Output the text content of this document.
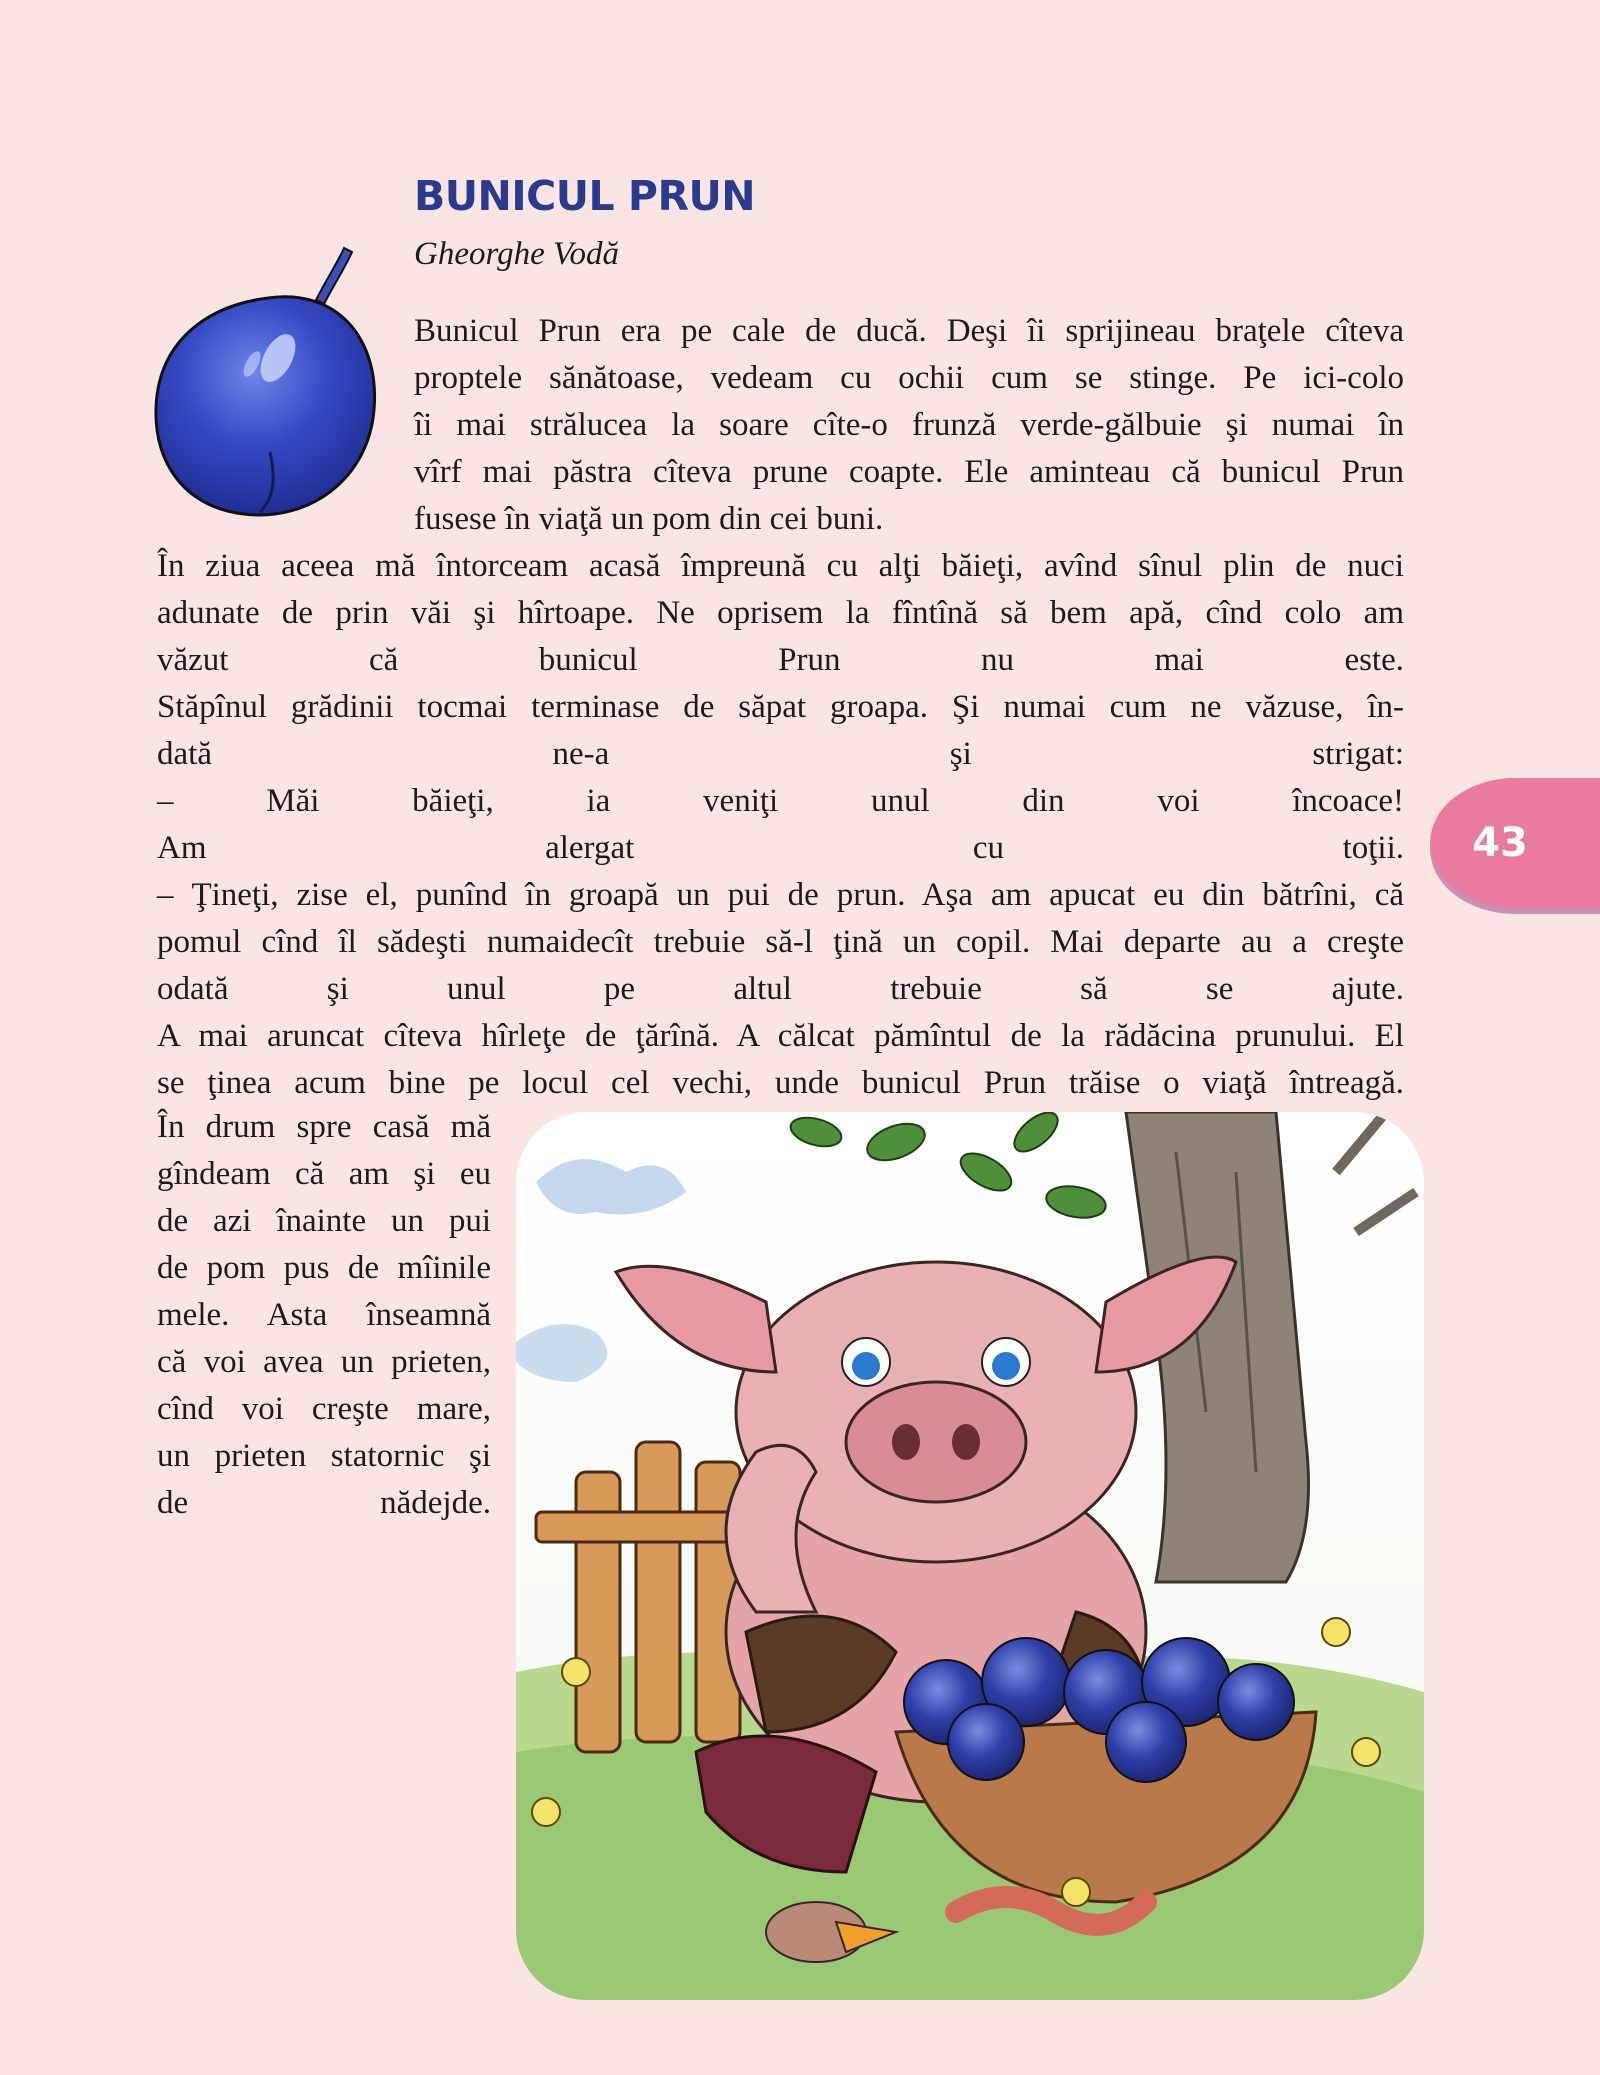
BUNICUL PRUN
Gheorghe Vodă
Bunicul Prun era pe cale de ducă. Deşi îi sprijineau braţele cîteva
proptele sănătoase, vedeam cu ochii cum se stinge. Pe ici-colo
îi mai strălucea la soare cîte-o frunză verde-gălbuie şi numai în
vîrf mai păstra cîteva prune coapte. Ele aminteau că bunicul Prun
fusese în viaţă un pom din cei buni.
În ziua aceea mă întorceam acasă împreună cu alţi băieţi, avînd sînul plin de nuci
adunate de prin văi şi hîrtoape. Ne oprisem la fîntînă să bem apă, cînd colo am
văzut că bunicul Prun nu mai este.
Stăpînul grădinii tocmai terminase de săpat groapa. Şi numai cum ne văzuse, în-
dată ne-a şi strigat:
– Măi băieţi, ia veniţi unul din voi încoace!
Am alergat cu toţii.
– Ţineţi, zise el, punînd în groapă un pui de prun. Aşa am apucat eu din bătrîni, că
pomul cînd îl sădeşti numaidecît trebuie să-l ţină un copil. Mai departe au a creşte
odată şi unul pe altul trebuie să se ajute.
A mai aruncat cîteva hîrleţe de ţărînă. A călcat pămîntul de la rădăcina prunului. El
se ţinea acum bine pe locul cel vechi, unde bunicul Prun trăise o viaţă întreagă.
În drum spre casă mă
gîndeam că am şi eu
de azi înainte un pui
de pom pus de mîinile
mele. Asta înseamnă
că voi avea un prieten,
cînd voi creşte mare,
un prieten statornic şi
de nădejde.
43
